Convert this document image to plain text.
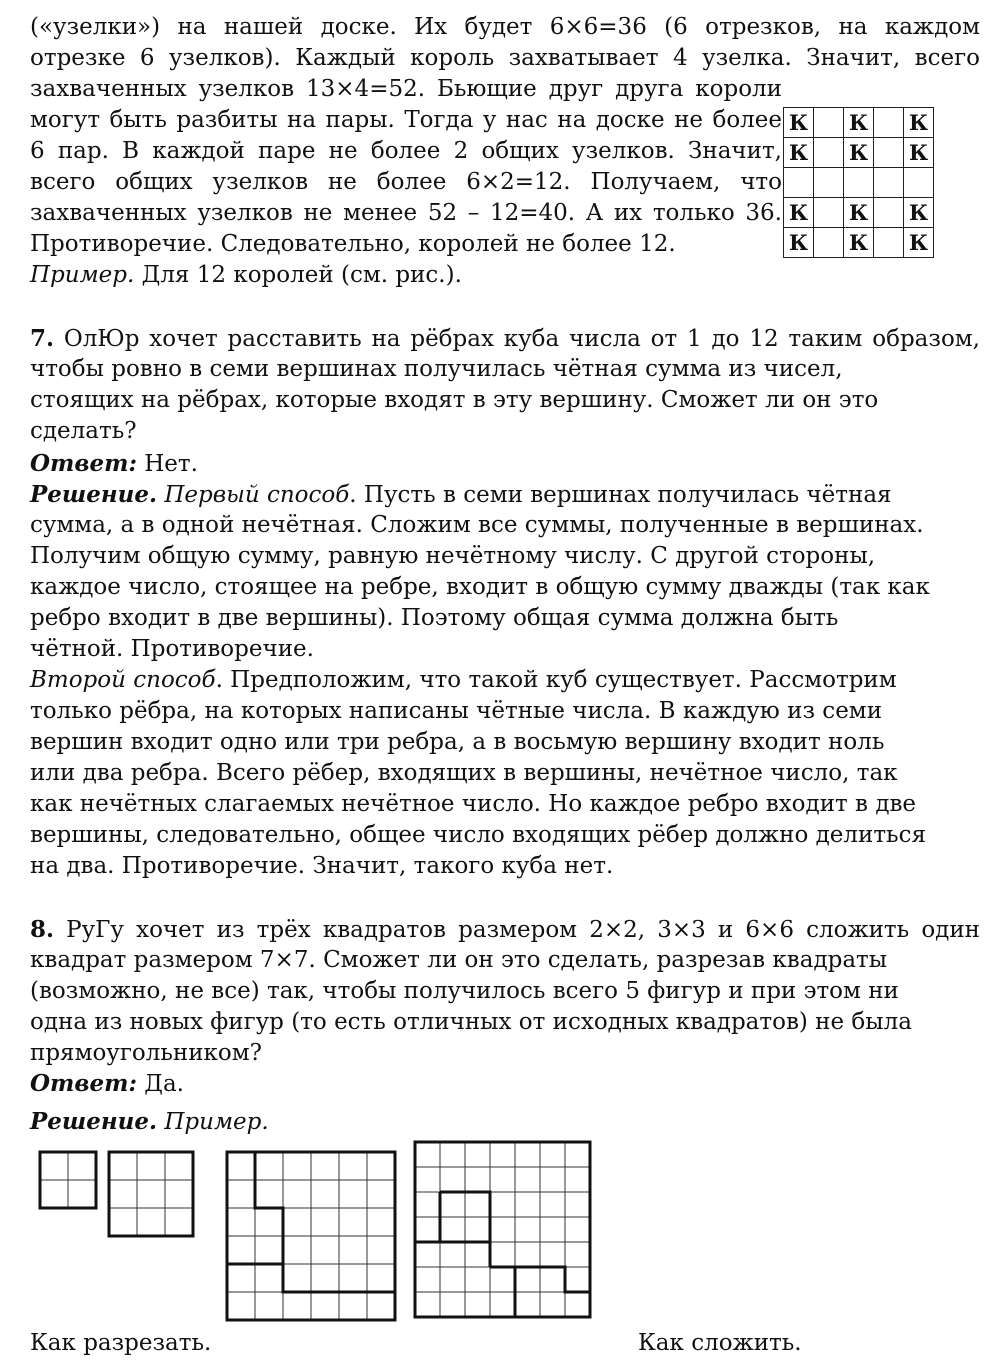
(«узелки») на нашей доске. Их будет 6×6=36 (6 отрезков, на каждом
отрезке 6 узелков). Каждый король захватывает 4 узелка. Значит, всего
захваченных узелков 13×4=52. Бьющие друг друга короли
могут быть разбиты на пары. Тогда у нас на доске не более
6 пар. В каждой паре не более 2 общих узелков. Значит,
всего общих узелков не более 6×2=12. Получаем, что
захваченных узелков не менее 52 – 12=40. А их только 36.
Противоречие. Следовательно, королей не более 12.
Пример. Для 12 королей (см. рис.).
7. ОлЮр хочет расставить на рёбрах куба числа от 1 до 12 таким образом,
чтобы ровно в семи вершинах получилась чётная сумма из чисел,
стоящих на рёбрах, которые входят в эту вершину. Сможет ли он это
сделать?
Ответ: Нет.
Решение. Первый способ. Пусть в семи вершинах получилась чётная
сумма, а в одной нечётная. Сложим все суммы, полученные в вершинах.
Получим общую сумму, равную нечётному числу. С другой стороны,
каждое число, стоящее на ребре, входит в общую сумму дважды (так как
ребро входит в две вершины). Поэтому общая сумма должна быть
чётной. Противоречие.
Второй способ. Предположим, что такой куб существует. Рассмотрим
только рёбра, на которых написаны чётные числа. В каждую из семи
вершин входит одно или три ребра, а в восьмую вершину входит ноль
или два ребра. Всего рёбер, входящих в вершины, нечётное число, так
как нечётных слагаемых нечётное число. Но каждое ребро входит в две
вершины, следовательно, общее число входящих рёбер должно делиться
на два. Противоречие. Значит, такого куба нет.
8. РуГу хочет из трёх квадратов размером 2×2, 3×3 и 6×6 сложить один
квадрат размером 7×7. Сможет ли он это сделать, разрезав квадраты
(возможно, не все) так, чтобы получилось всего 5 фигур и при этом ни
одна из новых фигур (то есть отличных от исходных квадратов) не была
прямоугольником?
Ответ: Да.
Решение. Пример.
Как разрезать.	Как сложить.
К		К		К
К		К		К

К		К		К
К		К		К
